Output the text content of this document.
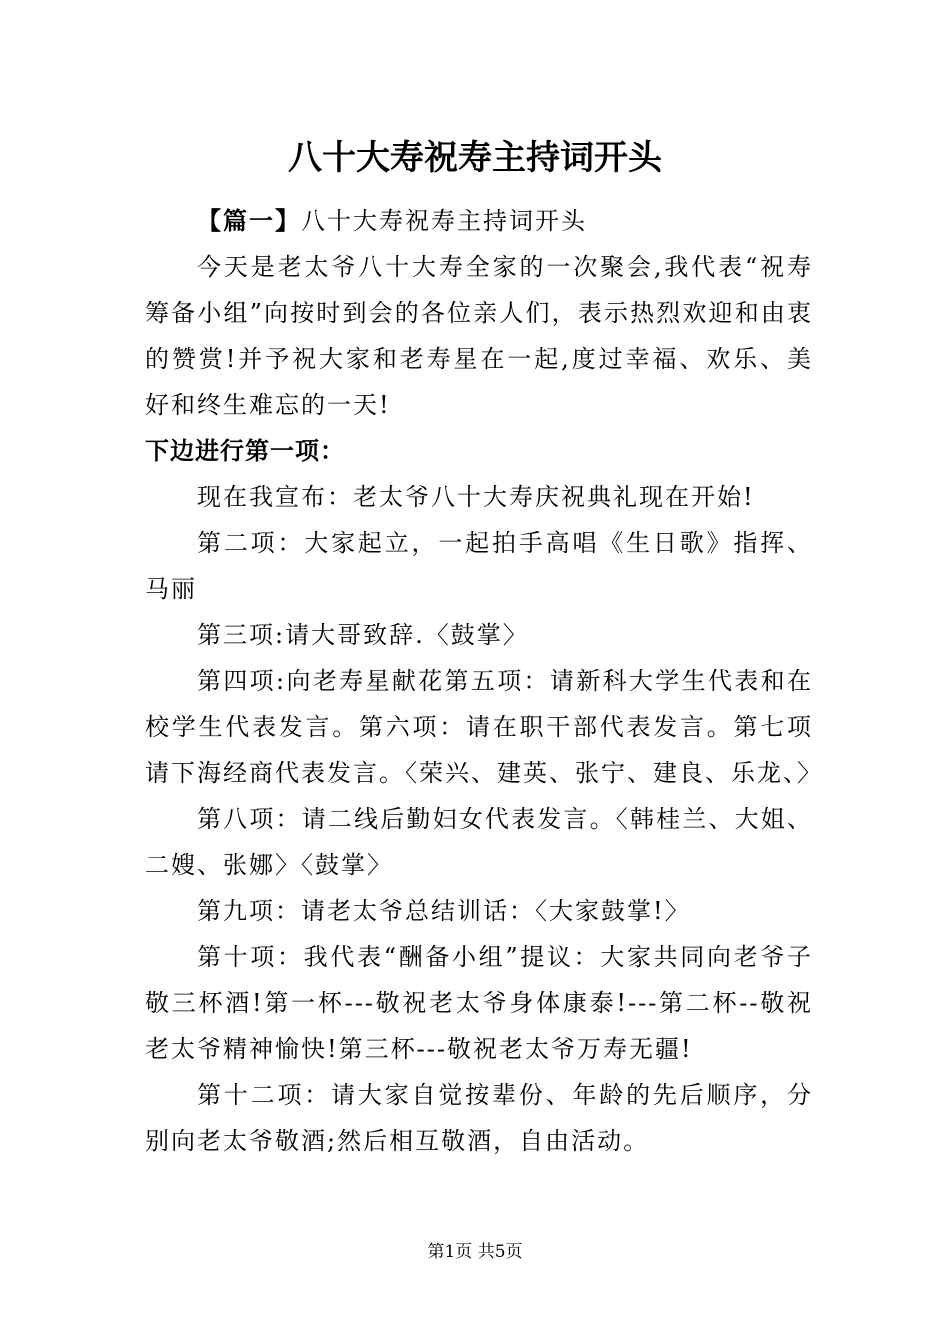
八十大寿祝寿主持词开头

【篇一】八十大寿祝寿主持词开头

今天是老太爷八十大寿全家的一次聚会,我代表“祝寿筹备小组”向按时到会的各位亲人们，表示热烈欢迎和由衷的赞赏!并予祝大家和老寿星在一起,度过幸福、欢乐、美好和终生难忘的一天!

下边进行第一项：

现在我宣布：老太爷八十大寿庆祝典礼现在开始!

第二项：大家起立，一起拍手高唱《生日歌》指挥、马丽

第三项:请大哥致辞.〈鼓掌〉

第四项:向老寿星献花第五项：请新科大学生代表和在校学生代表发言。第六项：请在职干部代表发言。第七项请下海经商代表发言。〈荣兴、建英、张宁、建良、乐龙、〉

第八项：请二线后勤妇女代表发言。〈韩桂兰、大姐、二嫂、张娜〉〈鼓掌〉

第九项：请老太爷总结训话：〈大家鼓掌!〉

第十项：我代表“酬备小组”提议：大家共同向老爷子敬三杯酒!第一杯---敬祝老太爷身体康泰!---第二杯--敬祝老太爷精神愉快!第三杯---敬祝老太爷万寿无疆!

第十二项：请大家自觉按辈份、年龄的先后顺序，分别向老太爷敬酒;然后相互敬酒，自由活动。

第1页 共5页
